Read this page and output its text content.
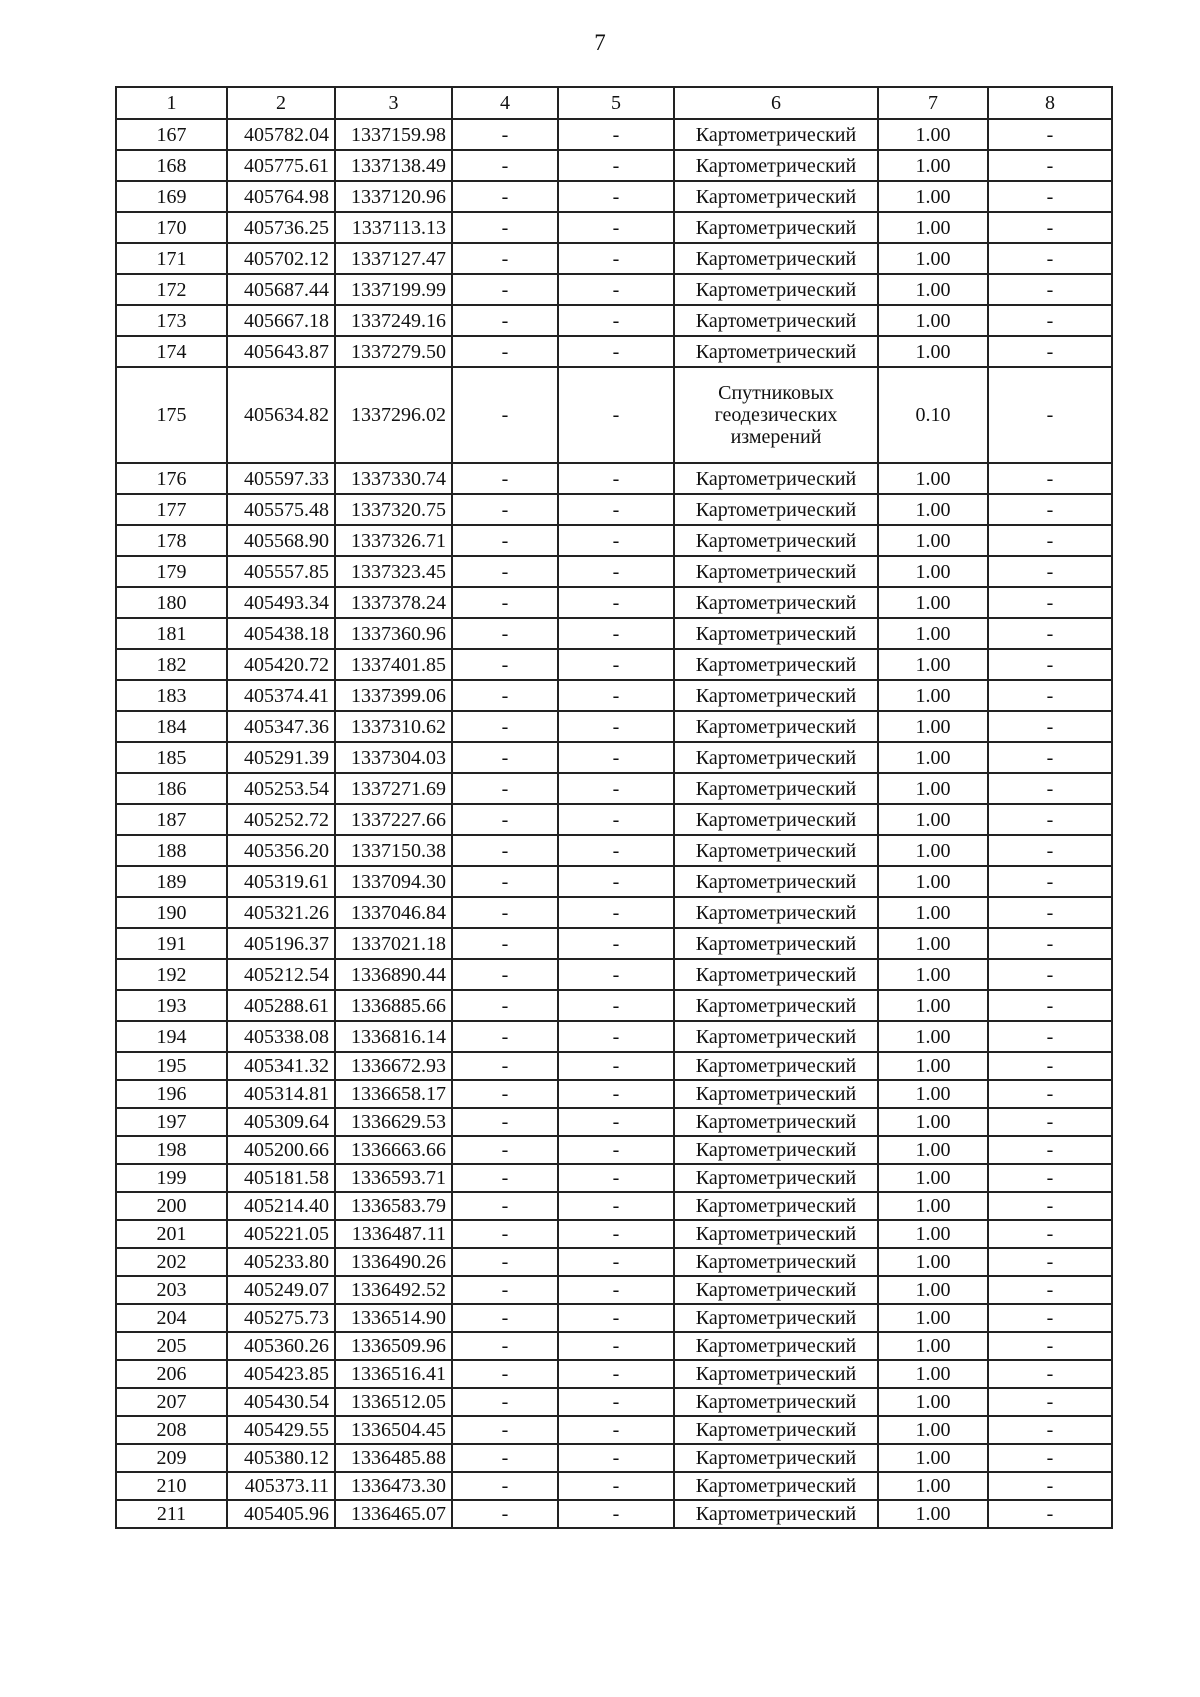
7
1	2	3	4	5	6	7	8
167	405782.04	1337159.98	-	-	Картометрический	1.00	-
168	405775.61	1337138.49	-	-	Картометрический	1.00	-
169	405764.98	1337120.96	-	-	Картометрический	1.00	-
170	405736.25	1337113.13	-	-	Картометрический	1.00	-
171	405702.12	1337127.47	-	-	Картометрический	1.00	-
172	405687.44	1337199.99	-	-	Картометрический	1.00	-
173	405667.18	1337249.16	-	-	Картометрический	1.00	-
174	405643.87	1337279.50	-	-	Картометрический	1.00	-
175	405634.82	1337296.02	-	-	Спутниковых геодезических измерений	0.10	-
176	405597.33	1337330.74	-	-	Картометрический	1.00	-
177	405575.48	1337320.75	-	-	Картометрический	1.00	-
178	405568.90	1337326.71	-	-	Картометрический	1.00	-
179	405557.85	1337323.45	-	-	Картометрический	1.00	-
180	405493.34	1337378.24	-	-	Картометрический	1.00	-
181	405438.18	1337360.96	-	-	Картометрический	1.00	-
182	405420.72	1337401.85	-	-	Картометрический	1.00	-
183	405374.41	1337399.06	-	-	Картометрический	1.00	-
184	405347.36	1337310.62	-	-	Картометрический	1.00	-
185	405291.39	1337304.03	-	-	Картометрический	1.00	-
186	405253.54	1337271.69	-	-	Картометрический	1.00	-
187	405252.72	1337227.66	-	-	Картометрический	1.00	-
188	405356.20	1337150.38	-	-	Картометрический	1.00	-
189	405319.61	1337094.30	-	-	Картометрический	1.00	-
190	405321.26	1337046.84	-	-	Картометрический	1.00	-
191	405196.37	1337021.18	-	-	Картометрический	1.00	-
192	405212.54	1336890.44	-	-	Картометрический	1.00	-
193	405288.61	1336885.66	-	-	Картометрический	1.00	-
194	405338.08	1336816.14	-	-	Картометрический	1.00	-
195	405341.32	1336672.93	-	-	Картометрический	1.00	-
196	405314.81	1336658.17	-	-	Картометрический	1.00	-
197	405309.64	1336629.53	-	-	Картометрический	1.00	-
198	405200.66	1336663.66	-	-	Картометрический	1.00	-
199	405181.58	1336593.71	-	-	Картометрический	1.00	-
200	405214.40	1336583.79	-	-	Картометрический	1.00	-
201	405221.05	1336487.11	-	-	Картометрический	1.00	-
202	405233.80	1336490.26	-	-	Картометрический	1.00	-
203	405249.07	1336492.52	-	-	Картометрический	1.00	-
204	405275.73	1336514.90	-	-	Картометрический	1.00	-
205	405360.26	1336509.96	-	-	Картометрический	1.00	-
206	405423.85	1336516.41	-	-	Картометрический	1.00	-
207	405430.54	1336512.05	-	-	Картометрический	1.00	-
208	405429.55	1336504.45	-	-	Картометрический	1.00	-
209	405380.12	1336485.88	-	-	Картометрический	1.00	-
210	405373.11	1336473.30	-	-	Картометрический	1.00	-
211	405405.96	1336465.07	-	-	Картометрический	1.00	-
